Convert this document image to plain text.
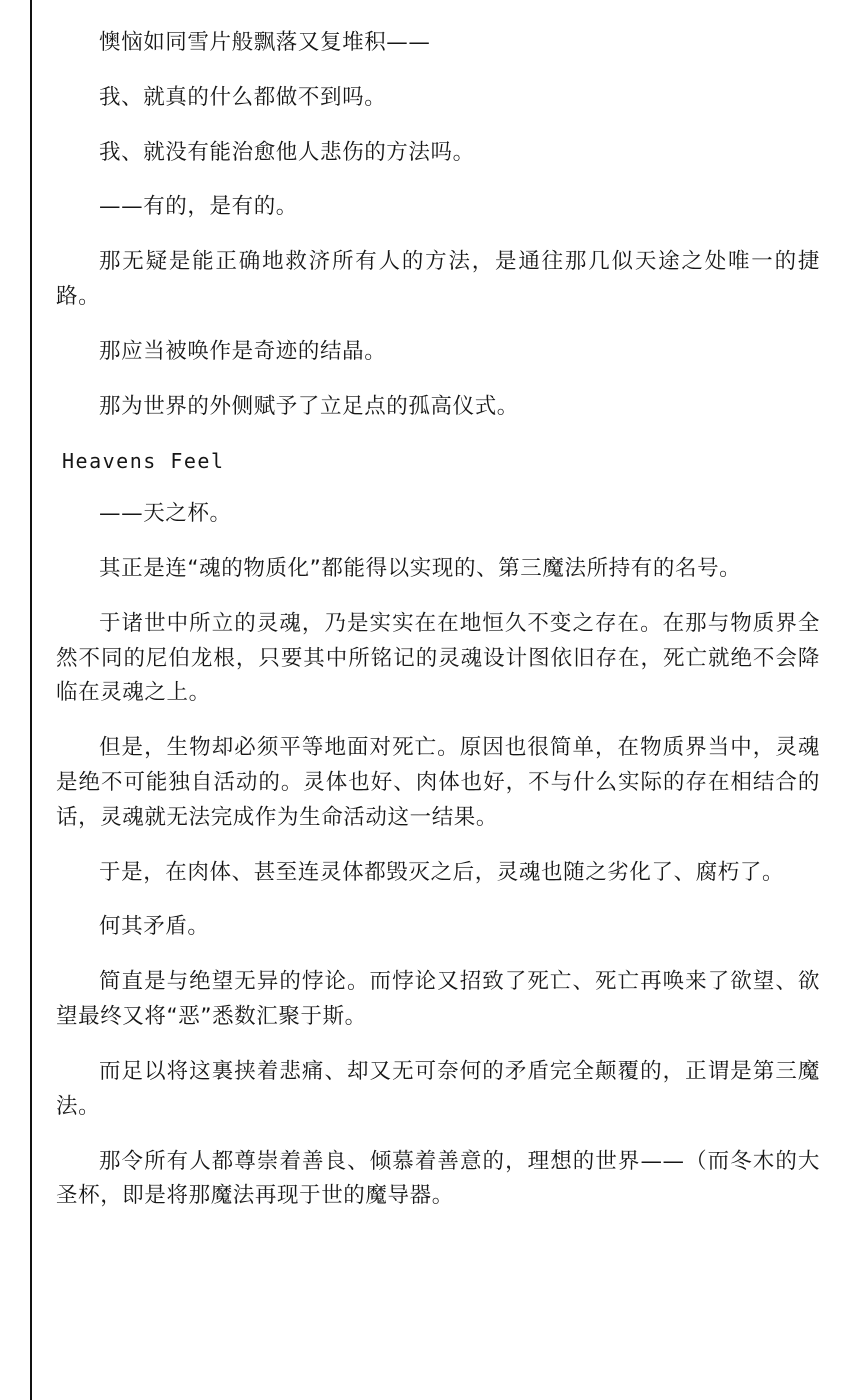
懊恼如同雪片般飘落又复堆积——

我、就真的什么都做不到吗。

我、就没有能治愈他人悲伤的方法吗。

——有的，是有的。

那无疑是能正确地救济所有人的方法，是通往那几似天途之处唯一的捷路。

那应当被唤作是奇迹的结晶。

那为世界的外侧赋予了立足点的孤高仪式。

Heavens Feel

——天之杯。

其正是连“魂的物质化”都能得以实现的、第三魔法所持有的名号。

于诸世中所立的灵魂，乃是实实在在地恒久不变之存在。在那与物质界全然不同的尼伯龙根，只要其中所铭记的灵魂设计图依旧存在，死亡就绝不会降临在灵魂之上。

但是，生物却必须平等地面对死亡。原因也很简单，在物质界当中，灵魂是绝不可能独自活动的。灵体也好、肉体也好，不与什么实际的存在相结合的话，灵魂就无法完成作为生命活动这一结果。

于是，在肉体、甚至连灵体都毁灭之后，灵魂也随之劣化了、腐朽了。

何其矛盾。

简直是与绝望无异的悖论。而悖论又招致了死亡、死亡再唤来了欲望、欲望最终又将“恶”悉数汇聚于斯。

而足以将这裏挟着悲痛、却又无可奈何的矛盾完全颠覆的，正谓是第三魔法。

那令所有人都尊崇着善良、倾慕着善意的，理想的世界——（而冬木的大圣杯，即是将那魔法再现于世的魔导器。
